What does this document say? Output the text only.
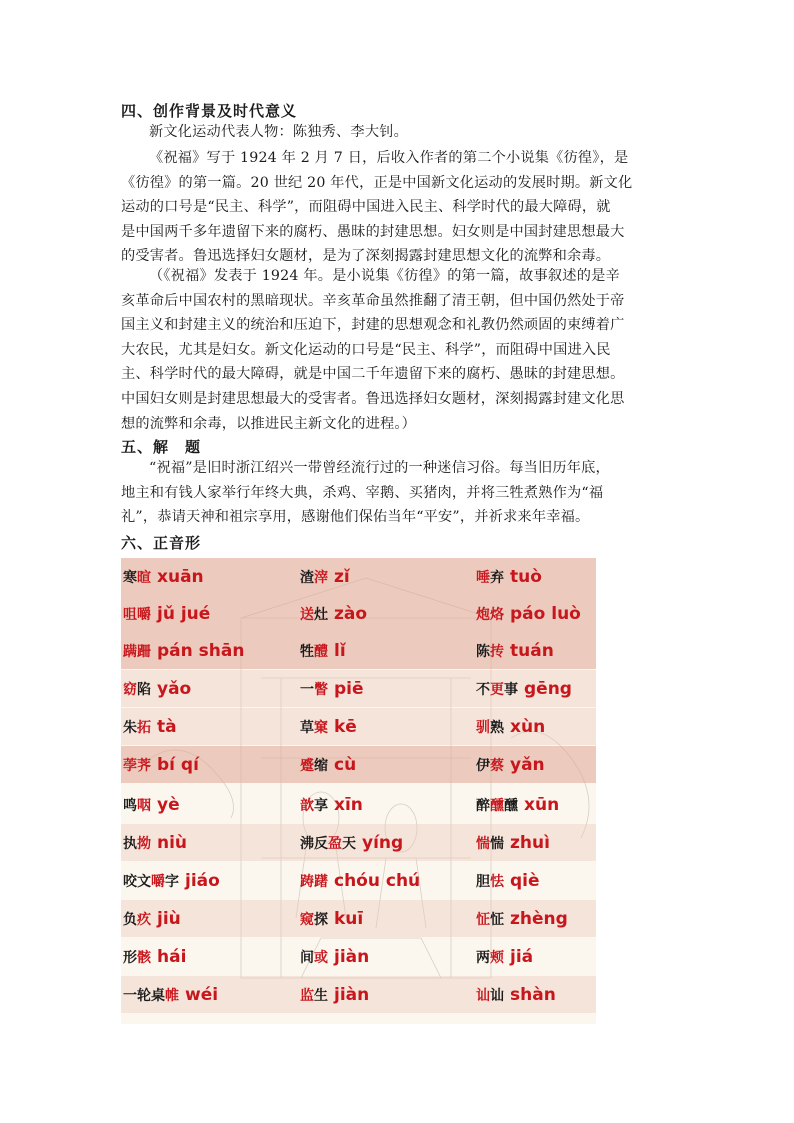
四、创作背景及时代意义
新文化运动代表人物：陈独秀、李大钊。
《祝福》写于 1924 年 2 月 7 日，后收入作者的第二个小说集《彷徨》，是
《彷徨》的第一篇。20 世纪 20 年代，正是中国新文化运动的发展时期。新文化
运动的口号是“民主、科学”，而阻碍中国进入民主、科学时代的最大障碍，就
是中国两千多年遗留下来的腐朽、愚昧的封建思想。妇女则是中国封建思想最大
的受害者。鲁迅选择妇女题材，是为了深刻揭露封建思想文化的流弊和余毒。
（《祝福》发表于 1924 年。是小说集《彷徨》的第一篇，故事叙述的是辛
亥革命后中国农村的黑暗现状。辛亥革命虽然推翻了清王朝，但中国仍然处于帝
国主义和封建主义的统治和压迫下，封建的思想观念和礼教仍然顽固的束缚着广
大农民，尤其是妇女。新文化运动的口号是“民主、科学”，而阻碍中国进入民
主、科学时代的最大障碍，就是中国二千年遗留下来的腐朽、愚昧的封建思想。
中国妇女则是封建思想最大的受害者。鲁迅选择妇女题材，深刻揭露封建文化思
想的流弊和余毒，以推进民主新文化的进程。）
五、解　题
“祝福”是旧时浙江绍兴一带曾经流行过的一种迷信习俗。每当旧历年底，
地主和有钱人家举行年终大典，杀鸡、宰鹅、买猪肉，并将三牲煮熟作为“福
礼”，恭请天神和祖宗享用，感谢他们保佑当年“平安”，并祈求来年幸福。
六、正音形
寒暄 xuān	渣滓 zǐ	唾弃 tuò
咀嚼 jǔ jué	送灶 zào	炮烙 páo luò
蹒跚 pán shān	牲醴 lǐ	陈抟 tuán
窈陷 yǎo	一瞥 piē	不更事 gēng
朱拓 tà	草窠 kē	驯熟 xùn
荸荠 bí qí	蹙缩 cù	伊蔡 yǎn
鸣咽 yè	歆享 xīn	醉醺醺 xūn
执拗 niù	沸反盈天 yíng	惴惴 zhuì
咬文嚼字 jiáo	踌躇 chóu chú	胆怯 qiè
负疚 jiù	窥探 kuī	怔怔 zhèng
形骸 hái	间或 jiàn	两颊 jiá
一轮桌帷 wéi	监生 jiàn	讪讪 shàn
